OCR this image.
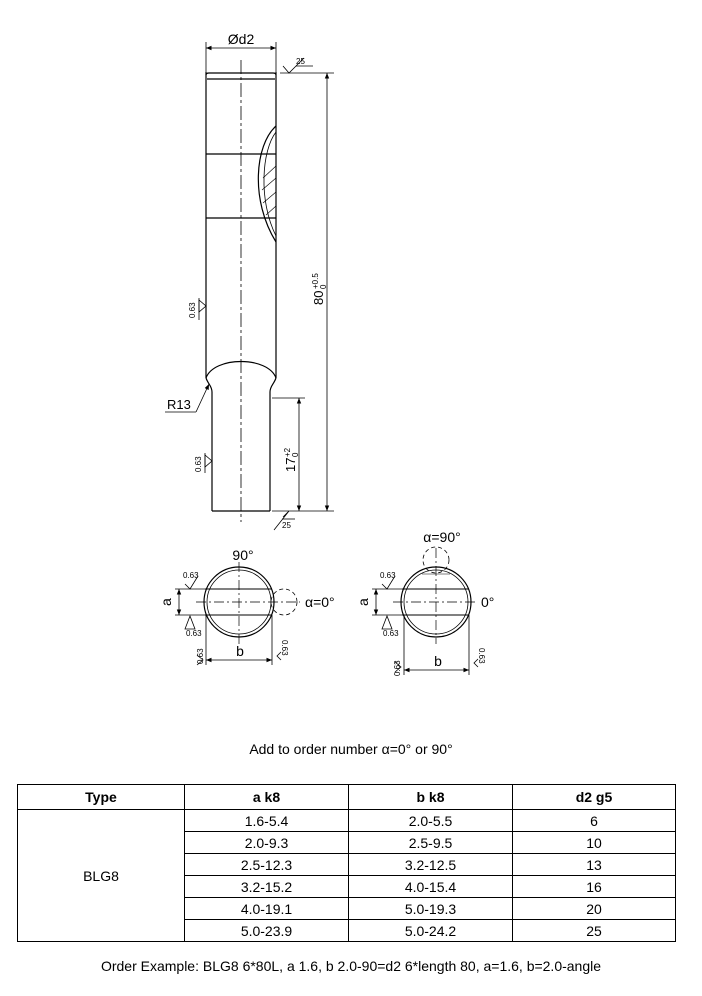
Ød2
80
+0.5 0
17
+2 0
R13
25
25
0.63
0.63
90°
α=0°
a
b
0.63
0.63
0.63
0.63
α=90°
0°
a
b
0.63
0.63
0.63
0.63
Add to order number α=0° or 90°
Type	a k8	b k8	d2 g5
BLG8	1.6-5.4	2.0-5.5	6
	2.0-9.3	2.5-9.5	10
	2.5-12.3	3.2-12.5	13
	3.2-15.2	4.0-15.4	16
	4.0-19.1	5.0-19.3	20
	5.0-23.9	5.0-24.2	25
Order Example: BLG8 6*80L, a 1.6, b 2.0-90=d2 6*length 80, a=1.6, b=2.0-angle
